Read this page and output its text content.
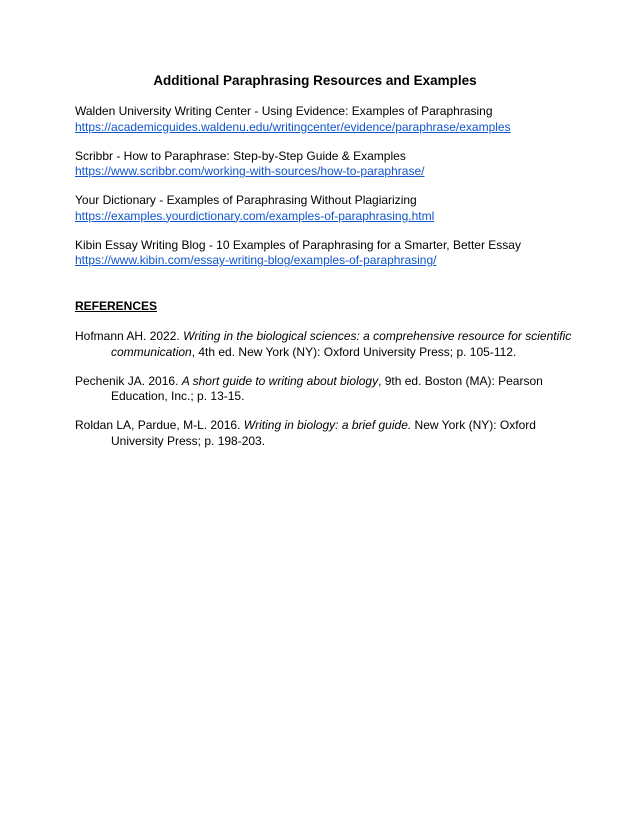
Additional Paraphrasing Resources and Examples
Walden University Writing Center - Using Evidence: Examples of Paraphrasing
https://academicguides.waldenu.edu/writingcenter/evidence/paraphrase/examples
Scribbr - How to Paraphrase: Step-by-Step Guide & Examples
https://www.scribbr.com/working-with-sources/how-to-paraphrase/
Your Dictionary - Examples of Paraphrasing Without Plagiarizing
https://examples.yourdictionary.com/examples-of-paraphrasing.html
Kibin Essay Writing Blog - 10 Examples of Paraphrasing for a Smarter, Better Essay
https://www.kibin.com/essay-writing-blog/examples-of-paraphrasing/
REFERENCES
Hofmann AH. 2022. Writing in the biological sciences: a comprehensive resource for scientific communication, 4th ed. New York (NY): Oxford University Press; p. 105-112.
Pechenik JA. 2016. A short guide to writing about biology, 9th ed. Boston (MA): Pearson Education, Inc.; p. 13-15.
Roldan LA, Pardue, M-L. 2016. Writing in biology: a brief guide. New York (NY): Oxford University Press; p. 198-203.
